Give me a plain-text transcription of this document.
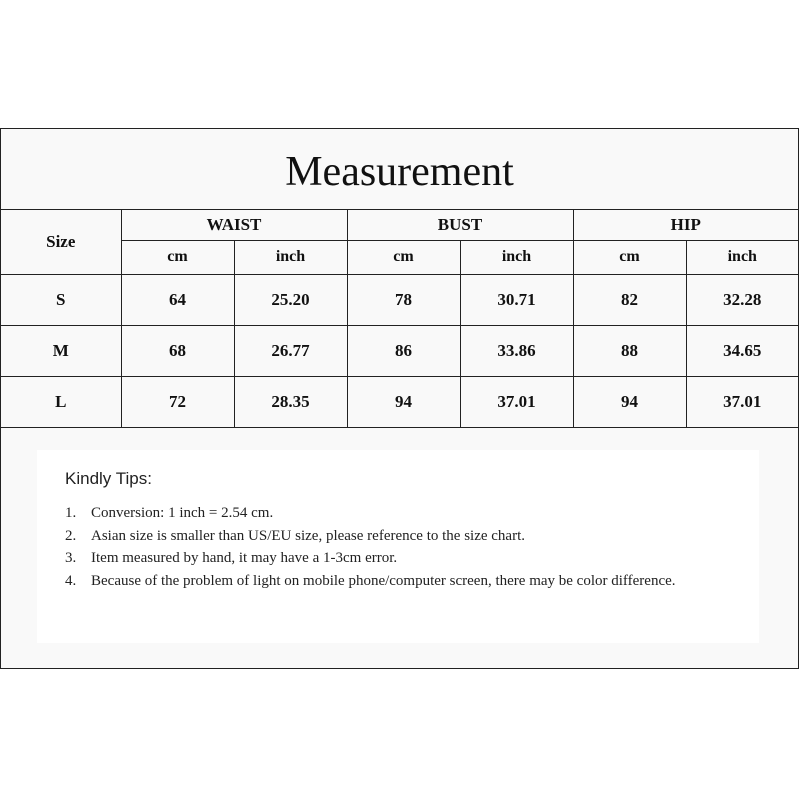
Measurement
Size	WAIST		BUST		HIP	
	cm	inch	cm	inch	cm	inch
S	64	25.20	78	30.71	82	32.28
M	68	26.77	86	33.86	88	34.65
L	72	28.35	94	37.01	94	37.01
Kindly Tips:
1. Conversion: 1 inch = 2.54 cm.
2. Asian size is smaller than US/EU size, please reference to the size chart.
3. Item measured by hand, it may have a 1-3cm error.
4. Because of the problem of light on mobile phone/computer screen, there may be color difference.
